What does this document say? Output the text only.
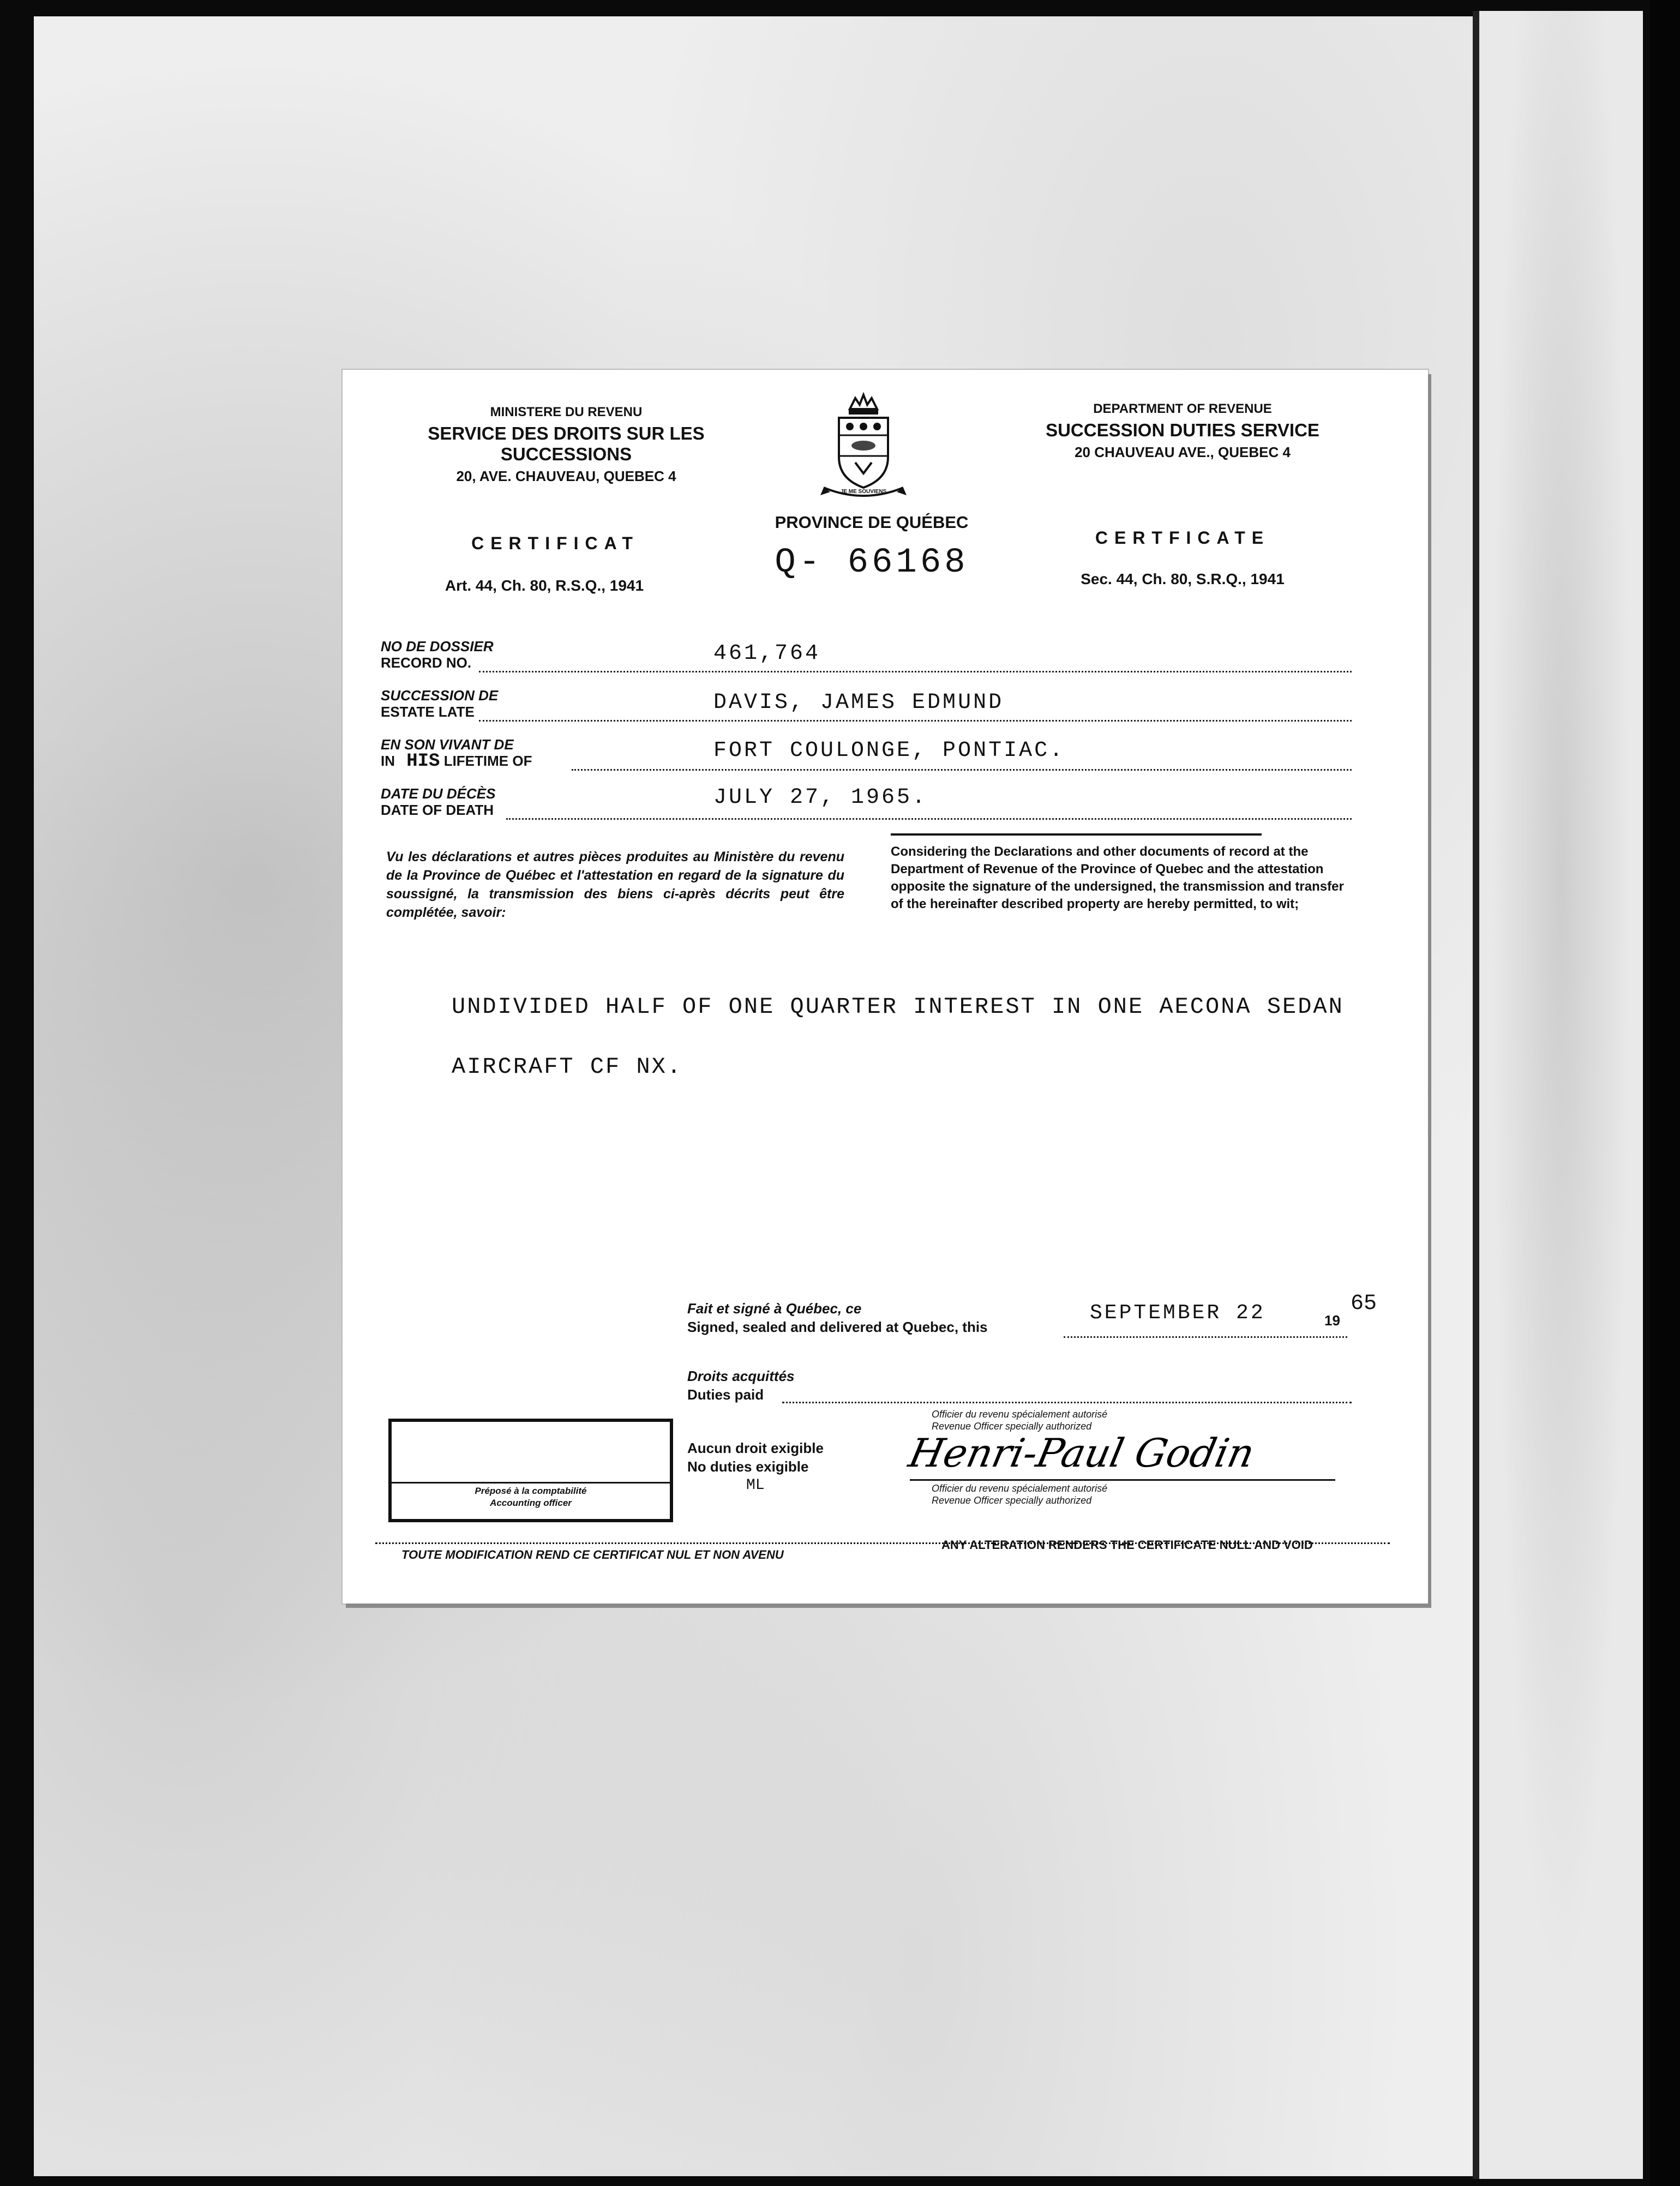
MINISTERE DU REVENU
SERVICE DES DROITS SUR LES SUCCESSIONS
20, AVE. CHAUVEAU, QUEBEC 4
CERTIFICAT
Art. 44, Ch. 80, R.S.Q., 1941
JE ME SOUVIENS
PROVINCE DE QUÉBEC
Q- 66168
DEPARTMENT OF REVENUE
SUCCESSION DUTIES SERVICE
20 CHAUVEAU AVE., QUEBEC 4
CERTFICATE
Sec. 44, Ch. 80, S.R.Q., 1941
NO DE DOSSIER
RECORD NO.	461,764
SUCCESSION DE
ESTATE LATE	DAVIS, JAMES EDMUND
EN SON VIVANT DE
IN HIS LIFETIME OF	FORT COULONGE, PONTIAC.
DATE DU DÉCÈS
DATE OF DEATH	JULY 27, 1965.
Vu les déclarations et autres pièces produites au Ministère du revenu de la Province de Québec et l'attestation en regard de la signature du soussigné, la transmission des biens ci-après décrits peut être complétée, savoir:
Considering the Declarations and other documents of record at the Department of Revenue of the Province of Quebec and the attestation opposite the signature of the undersigned, the transmission and transfer of the hereinafter described property are hereby permitted, to wit;
UNDIVIDED HALF OF ONE QUARTER INTEREST IN ONE AECONA SEDAN
AIRCRAFT CF NX.
Fait et signé à Québec, ce
Signed, sealed and delivered at Quebec, this
SEPTEMBER 22	19
65
Droits acquittés
Duties paid
Aucun droit exigible
No duties exigible
ML
Officier du revenu spécialement autorisé
Revenue Officer specially authorized
Henri-Paul Godin
Officier du revenu spécialement autorisé
Revenue Officer specially authorized
Préposé à la comptabilité
Accounting officer
TOUTE MODIFICATION REND CE CERTIFICAT NUL ET NON AVENU
ANY ALTERATION RENDERS THE CERTIFICATE NULL AND VOID
